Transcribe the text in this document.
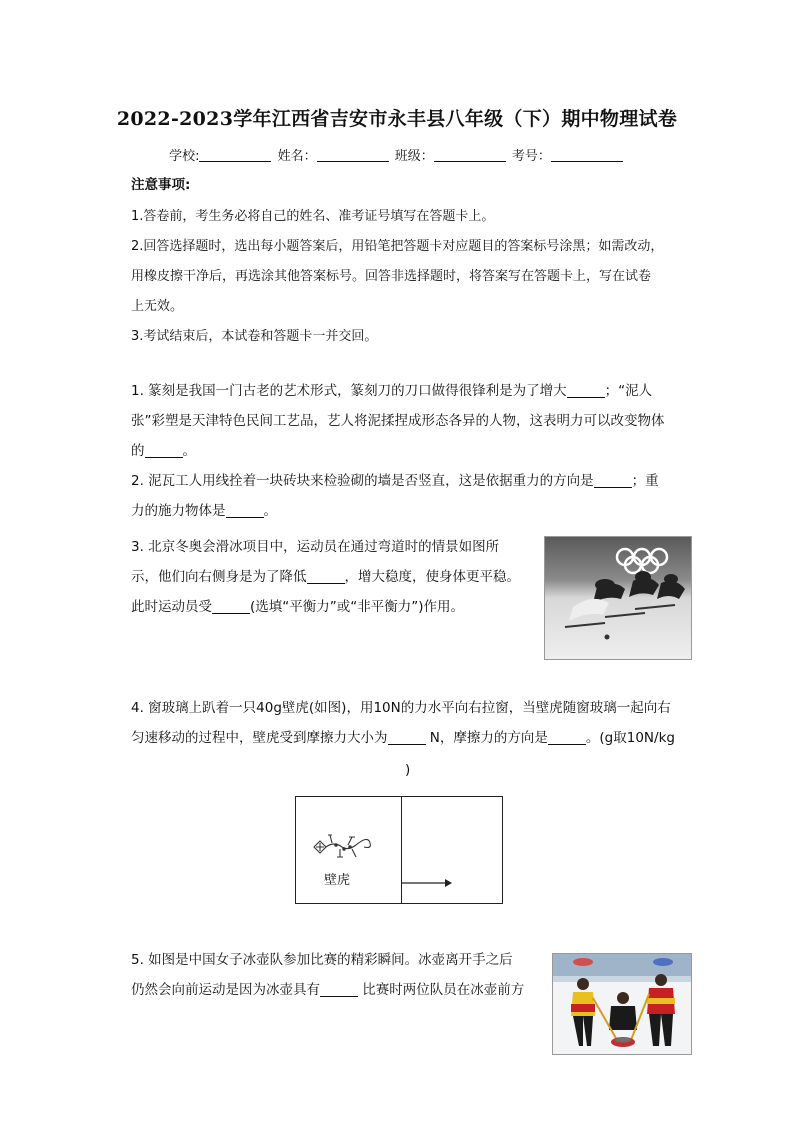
2022-2023学年江西省吉安市永丰县八年级（下）期中物理试卷
学校:	姓名：	班级：	考号：
注意事项:
1.答卷前，考生务必将自己的姓名、准考证号填写在答题卡上。
2.回答选择题时，选出每小题答案后，用铅笔把答题卡对应题目的答案标号涂黑；如需改动，
用橡皮擦干净后，再选涂其他答案标号。回答非选择题时，将答案写在答题卡上，写在试卷
上无效。
3.考试结束后，本试卷和答题卡一并交回。
1. 篆刻是我国一门古老的艺术形式，篆刻刀的刀口做得很锋利是为了增大	；“泥人
张”彩塑是天津特色民间工艺品，艺人将泥揉捏成形态各异的人物，这表明力可以改变物体
的	。
2. 泥瓦工人用线拴着一块砖块来检验砌的墙是否竖直，这是依据重力的方向是	；重
力的施力物体是	。
3. 北京冬奥会滑冰项目中，运动员在通过弯道时的情景如图所
示，他们向右侧身是为了降低	，增大稳度，使身体更平稳。
此时运动员受	(选填“平衡力”或“非平衡力”)作用。
4. 窗玻璃上趴着一只40g壁虎(如图)，用10N的力水平向右拉窗，当壁虎随窗玻璃一起向右
匀速移动的过程中，壁虎受到摩擦力大小为	N，摩擦力的方向是	。(g取10N/kg
)
壁虎
5. 如图是中国女子冰壶队参加比赛的精彩瞬间。冰壶离开手之后
仍然会向前运动是因为冰壶具有	比赛时两位队员在冰壶前方
